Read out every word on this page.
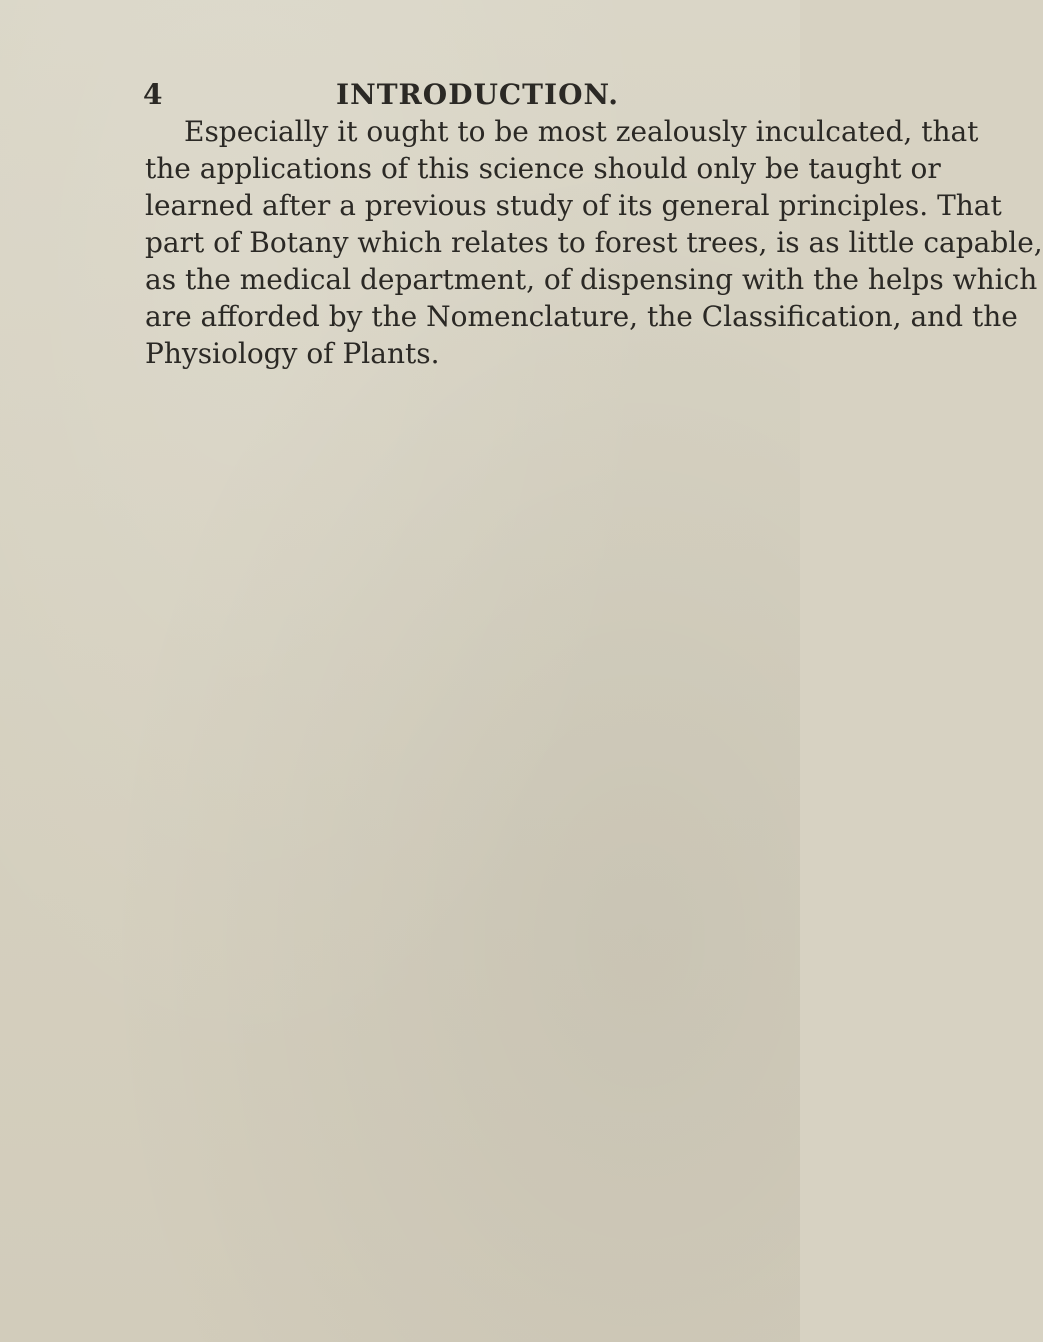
4	INTRODUCTION.
Especially it ought to be most zealously inculcated, that
the applications of this science should only be taught or
learned after a previous study of its general principles. That
part of Botany which relates to forest trees, is as little capable,
as the medical department, of dispensing with the helps which
are afforded by the Nomenclature, the Classification, and the
Physiology of Plants.
